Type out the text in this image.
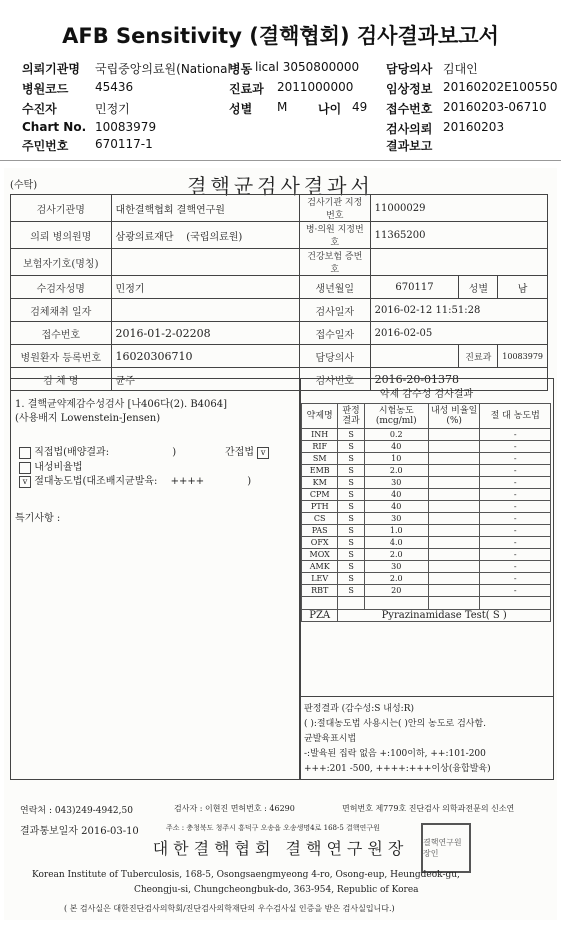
AFB Sensitivity (결핵협회) 검사결과보고서
의뢰기관명 국립중앙의료원(National
병동 lical 3050800000 담당의사 김대인
병원코드 45436	진료과 2011000000	임상정보 20160202E100550
수진자	민정기	성별 M	나이 49 접수번호 20160203-06710
Chart No. 10083979	검사의뢰 20160203
주민번호 670117-1	결과보고
(수탁)	결핵균검사결과서
검사기관명	대한결핵협회 결핵연구원	검사기관 지정번호	11000029		
의뢰 병의원명	삼광의료재단 (국립의료원)	병·의원 지정번호	11365200		
보험자기호(명칭)		건강보험 증번호			
수검자성명	민정기	생년월일	670117	성별	남
검체채취 일자		검사일자	2016-02-12 11:51:28		
접수번호	2016-01-2-02208	접수일자	2016-02-05		
병원환자 등록번호	16020306710	담당의사		진료과	10083979
검 체 명	균주	검사번호	2016-20-01378		
1. 결핵균약제감수성검사 [나406다(2). B4064]
(사용배지 Lowenstein-Jensen)
직접법(배양결과:	)	간접법 v
내성비율법
v 절대농도법(대조배지균발육: ++++	)
특기사항 :
약제 감수성 검사결과
약제명	판정 결과	시험농도 (mcg/ml)	내성 비율일(%)	절 대 농도법
INH	S	0.2		-
RIF	S	40		-
SM	S	10		-
EMB	S	2.0		-
KM	S	30		-
CPM	S	40		-
PTH	S	40		-
CS	S	30		-
PAS	S	1.0		-
OFX	S	4.0		-
MOX	S	2.0		-
AMK	S	30		-
LEV	S	2.0		-
RBT	S	20		-

PZA	Pyrazinamidase Test( S )			
판정결과 (감수성:S 내성:R)
( ):절대농도법 사용시는( )안의 농도로 검사함.
균발육표시법
-:발육된 집락 없음 +:100이하, ++:101-200
+++:201 -500, ++++:+++이상(융합발육)
연락처 : 043)249-4942,50	검사자 : 이현진 면허번호 : 46290	면허번호 제779호 진단검사 의학과전문의 신소연
결과통보일자 2016-03-10	주소 : 충청북도 청주시 흥덕구 오송읍 오송생명4로 168-5 결핵연구원
대한결핵협회 결핵연구원장	결핵연구원장인
Korean Institute of Tuberculosis, 168-5, Osongsaengmyeong 4-ro, Osong-eup, Heungdeok-gu,
Cheongju-si, Chungcheongbuk-do, 363-954, Republic of Korea
( 본 검사실은 대한진단검사의학회/진단검사의학재단의 우수검사실 인증을 받은 검사실입니다.)
